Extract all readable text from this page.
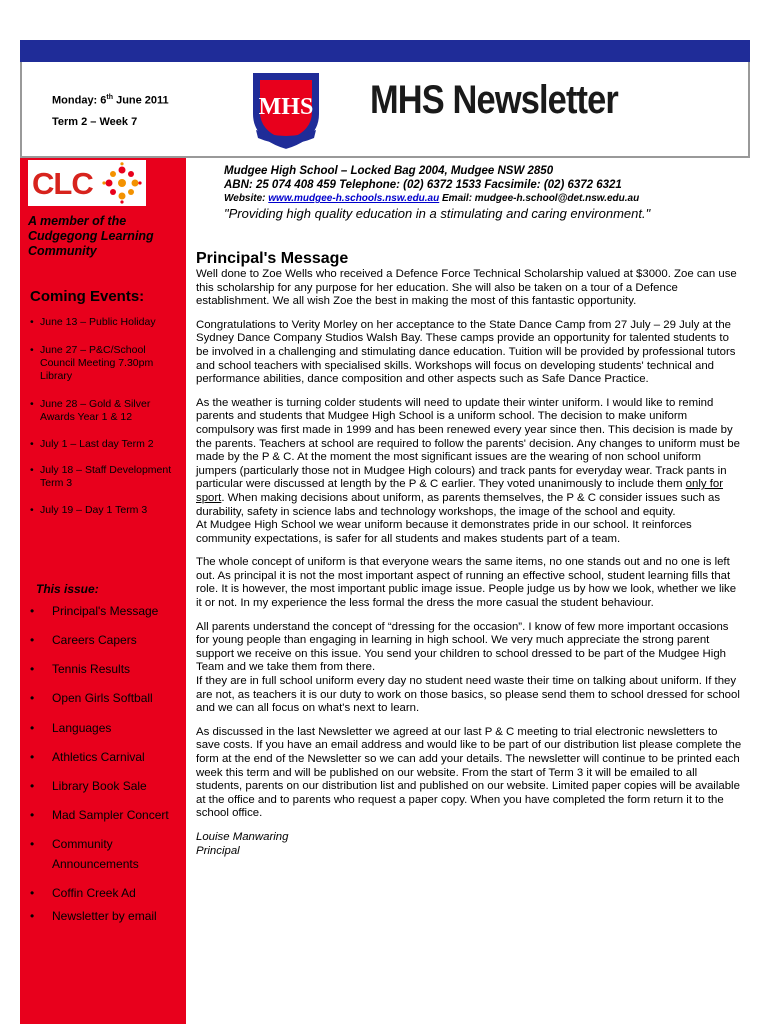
Monday: 6th June 2011
Term 2 – Week 7
MHS MHS Newsletter
CLC
A member of the Cudgegong Learning Community
Coming Events:
• June 13 – Public Holiday
• June 27 – P&C/School Council Meeting 7.30pm Library
• June 28 – Gold & Silver Awards Year 1 & 12
• July 1 – Last day Term 2
• July 18 – Staff Development Term 3
• July 19 – Day 1 Term 3
This issue:
• Principal's Message
• Careers Capers
• Tennis Results
• Open Girls Softball
• Languages
• Athletics Carnival
• Library Book Sale
• Mad Sampler Concert
• Community Announcements
• Coffin Creek Ad
• Newsletter by email
Mudgee High School – Locked Bag 2004, Mudgee NSW 2850
ABN: 25 074 408 459 Telephone: (02) 6372 1533 Facsimile: (02) 6372 6321
Website: www.mudgee-h.schools.nsw.edu.au Email: mudgee-h.school@det.nsw.edu.au
"Providing high quality education in a stimulating and caring environment."
Principal's Message

Well done to Zoe Wells who received a Defence Force Technical Scholarship valued at $3000. Zoe can use this scholarship for any purpose for her education. She will also be taken on a tour of a Defence establishment. We all wish Zoe the best in making the most of this fantastic opportunity.

Congratulations to Verity Morley on her acceptance to the State Dance Camp from 27 July – 29 July at the Sydney Dance Company Studios Walsh Bay. These camps provide an opportunity for talented students to be involved in a challenging and stimulating dance education. Tuition will be provided by professional tutors and school teachers with specialised skills. Workshops will focus on developing students' technical and performance abilities, dance composition and other aspects such as Safe Dance Practice.

As the weather is turning colder students will need to update their winter uniform. I would like to remind parents and students that Mudgee High School is a uniform school. The decision to make uniform compulsory was first made in 1999 and has been renewed every year since then. This decision is made by the parents. Teachers at school are required to follow the parents' decision. Any changes to uniform must be made by the P & C. At the moment the most significant issues are the wearing of non school uniform jumpers (particularly those not in Mudgee High colours) and track pants for everyday wear. Track pants in particular were discussed at length by the P & C earlier. They voted unanimously to include them only for sport. When making decisions about uniform, as parents themselves, the P & C consider issues such as durability, safety in science labs and technology workshops, the image of the school and equity.

At Mudgee High School we wear uniform because it demonstrates pride in our school. It reinforces community expectations, is safer for all students and makes students part of a team.

The whole concept of uniform is that everyone wears the same items, no one stands out and no one is left out. As principal it is not the most important aspect of running an effective school, student learning fills that role. It is however, the most important public image issue. People judge us by how we look, whether we like it or not. In my experience the less formal the dress the more casual the student behaviour.

All parents understand the concept of “dressing for the occasion”. I know of few more important occasions for young people than engaging in learning in high school. We very much appreciate the strong parent support we receive on this issue. You send your children to school dressed to be part of the Mudgee High Team and we take them from there.

If they are in full school uniform every day no student need waste their time on talking about uniform. If they are not, as teachers it is our duty to work on those basics, so please send them to school dressed for school and we can all focus on what's next to learn.

As discussed in the last Newsletter we agreed at our last P & C meeting to trial electronic newsletters to save costs. If you have an email address and would like to be part of our distribution list please complete the form at the end of the Newsletter so we can add your details. The newsletter will continue to be printed each week this term and will be published on our website. From the start of Term 3 it will be emailed to all students, parents on our distribution list and published on our website. Limited paper copies will be available at the office and to parents who request a paper copy. When you have completed the form return it to the school office.

Louise Manwaring

Principal
